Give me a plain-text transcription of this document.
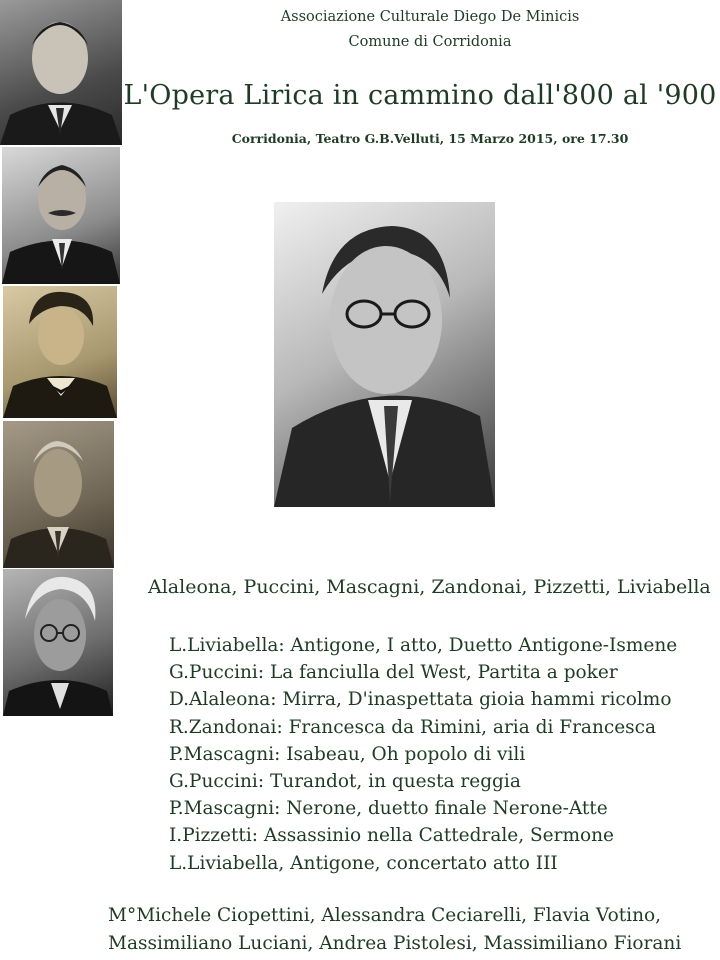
Associazione Culturale Diego De Minicis
Comune di Corridonia
L'Opera Lirica in cammino dall'800 al '900
Corridonia, Teatro G.B.Velluti, 15 Marzo 2015, ore 17.30
Alaleona, Puccini, Mascagni, Zandonai, Pizzetti, Liviabella
L.Liviabella: Antigone, I atto, Duetto Antigone-Ismene
G.Puccini: La fanciulla del West, Partita a poker
D.Alaleona: Mirra, D'inaspettata gioia hammi ricolmo
R.Zandonai: Francesca da Rimini, aria di Francesca
P.Mascagni: Isabeau, Oh popolo di vili
G.Puccini: Turandot, in questa reggia
P.Mascagni: Nerone, duetto finale Nerone-Atte
I.Pizzetti: Assassinio nella Cattedrale, Sermone
L.Liviabella, Antigone, concertato atto III
M°Michele Ciopettini, Alessandra Ceciarelli, Flavia Votino,
Massimiliano Luciani, Andrea Pistolesi, Massimiliano Fiorani
